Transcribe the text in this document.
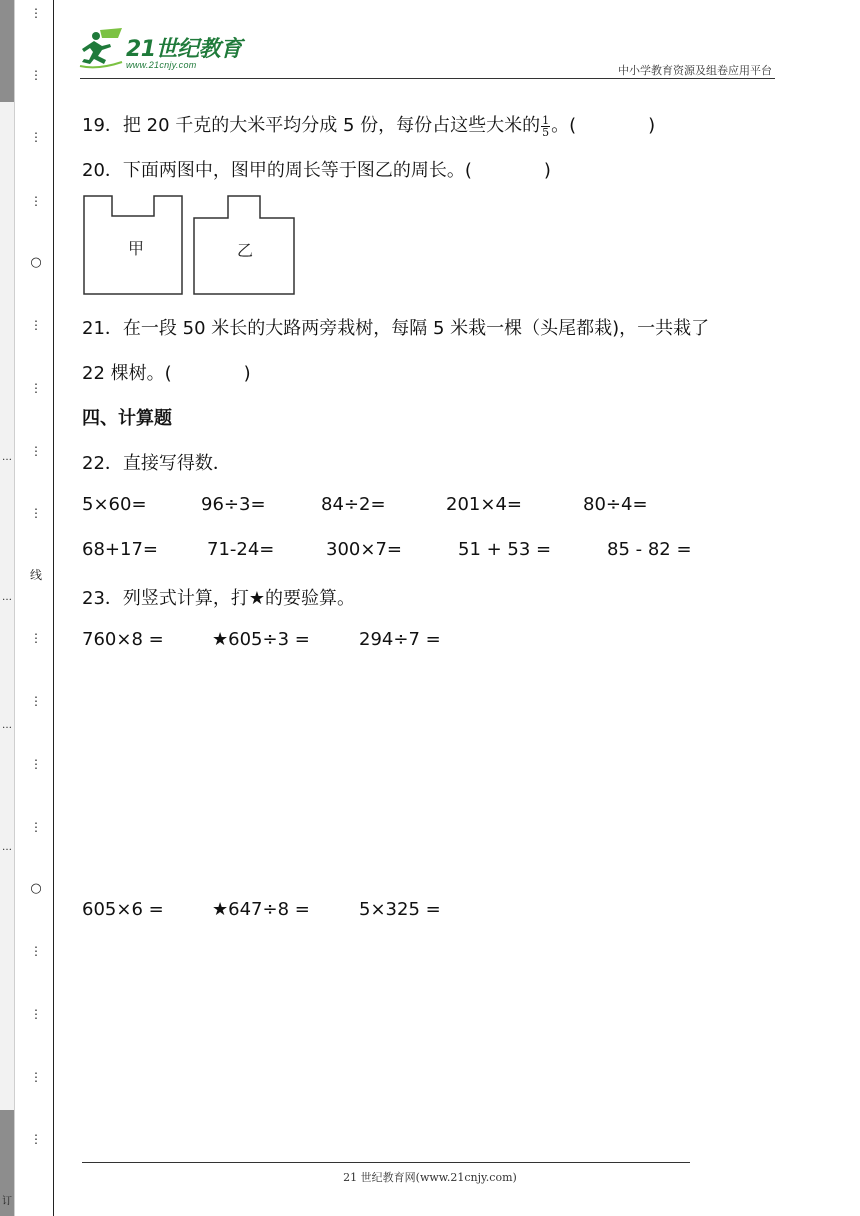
…
…
…
…
订
⋮
⋮
⋮
⋮
○
⋮
⋮
⋮
⋮
线
⋮
⋮
⋮
⋮
○
⋮
⋮
⋮
⋮
21世纪教育
www.21cnjy.com	中小学教育资源及组卷应用平台
19．把 20 千克的大米平均分成 5 份，每份占这些大米的 $\frac{1}{5}$ 。(　　　　)
20．下面两图中，图甲的周长等于图乙的周长。(　　　　)
甲	乙
21．在一段 50 米长的大路两旁栽树，每隔 5 米栽一棵（头尾都栽)，一共栽了
22 棵树。(　　　　)
四、计算题
22．直接写得数．
5×60=	96÷3=	84÷2=	201×4=	80÷4=
68+17=	71-24=	300×7=	51 + 53 =	85 - 82 =
23．列竖式计算，打★的要验算。
760×8 =	★605÷3 =	294÷7 =
605×6 =	★647÷8 =	5×325 =
21 世纪教育网(www.21cnjy.com)
